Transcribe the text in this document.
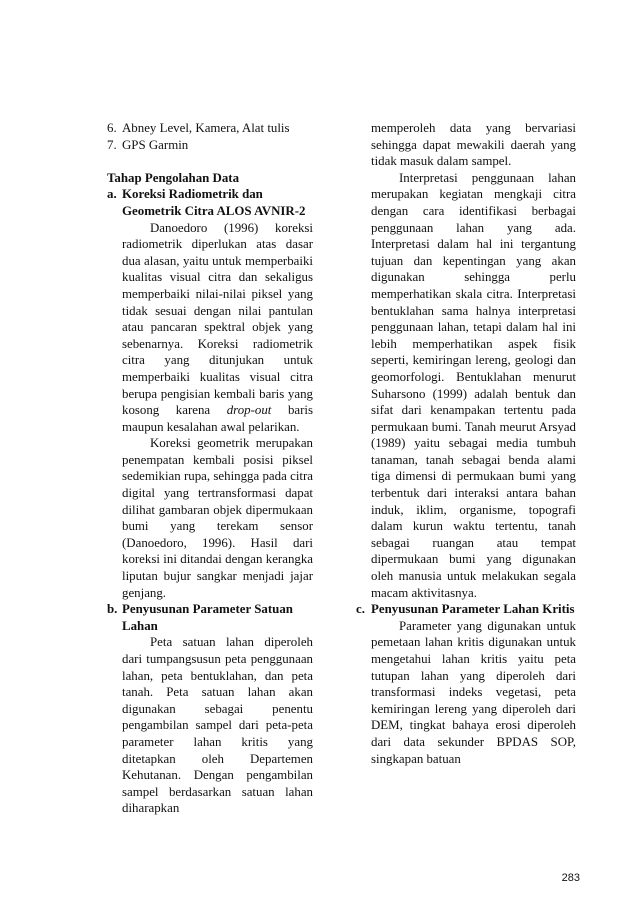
6. Abney Level, Kamera, Alat tulis
7. GPS Garmin
Tahap Pengolahan Data
a. Koreksi Radiometrik dan Geometrik Citra ALOS AVNIR-2
Danoedoro (1996) koreksi radiometrik diperlukan atas dasar dua alasan, yaitu untuk memperbaiki kualitas visual citra dan sekaligus memperbaiki nilai-nilai piksel yang tidak sesuai dengan nilai pantulan atau pancaran spektral objek yang sebenarnya. Koreksi radiometrik citra yang ditunjukan untuk memperbaiki kualitas visual citra berupa pengisian kembali baris yang kosong karena drop-out baris maupun kesalahan awal pelarikan.
Koreksi geometrik merupakan penempatan kembali posisi piksel sedemikian rupa, sehingga pada citra digital yang tertransformasi dapat dilihat gambaran objek dipermukaan bumi yang terekam sensor (Danoedoro, 1996). Hasil dari koreksi ini ditandai dengan kerangka liputan bujur sangkar menjadi jajar genjang.
b. Penyusunan Parameter Satuan Lahan
Peta satuan lahan diperoleh dari tumpangsusun peta penggunaan lahan, peta bentuklahan, dan peta tanah. Peta satuan lahan akan digunakan sebagai penentu pengambilan sampel dari peta-peta parameter lahan kritis yang ditetapkan oleh Departemen Kehutanan. Dengan pengambilan sampel berdasarkan satuan lahan diharapkan
memperoleh data yang bervariasi sehingga dapat mewakili daerah yang tidak masuk dalam sampel.
Interpretasi penggunaan lahan merupakan kegiatan mengkaji citra dengan cara identifikasi berbagai penggunaan lahan yang ada. Interpretasi dalam hal ini tergantung tujuan dan kepentingan yang akan digunakan sehingga perlu memperhatikan skala citra. Interpretasi bentuklahan sama halnya interpretasi penggunaan lahan, tetapi dalam hal ini lebih memperhatikan aspek fisik seperti, kemiringan lereng, geologi dan geomorfologi. Bentuklahan menurut Suharsono (1999) adalah bentuk dan sifat dari kenampakan tertentu pada permukaan bumi. Tanah meurut Arsyad (1989) yaitu sebagai media tumbuh tanaman, tanah sebagai benda alami tiga dimensi di permukaan bumi yang terbentuk dari interaksi antara bahan induk, iklim, organisme, topografi dalam kurun waktu tertentu, tanah sebagai ruangan atau tempat dipermukaan bumi yang digunakan oleh manusia untuk melakukan segala macam aktivitasnya.
c. Penyusunan Parameter Lahan Kritis
Parameter yang digunakan untuk pemetaan lahan kritis digunakan untuk mengetahui lahan kritis yaitu peta tutupan lahan yang diperoleh dari transformasi indeks vegetasi, peta kemiringan lereng yang diperoleh dari DEM, tingkat bahaya erosi diperoleh dari data sekunder BPDAS SOP, singkapan batuan
283
